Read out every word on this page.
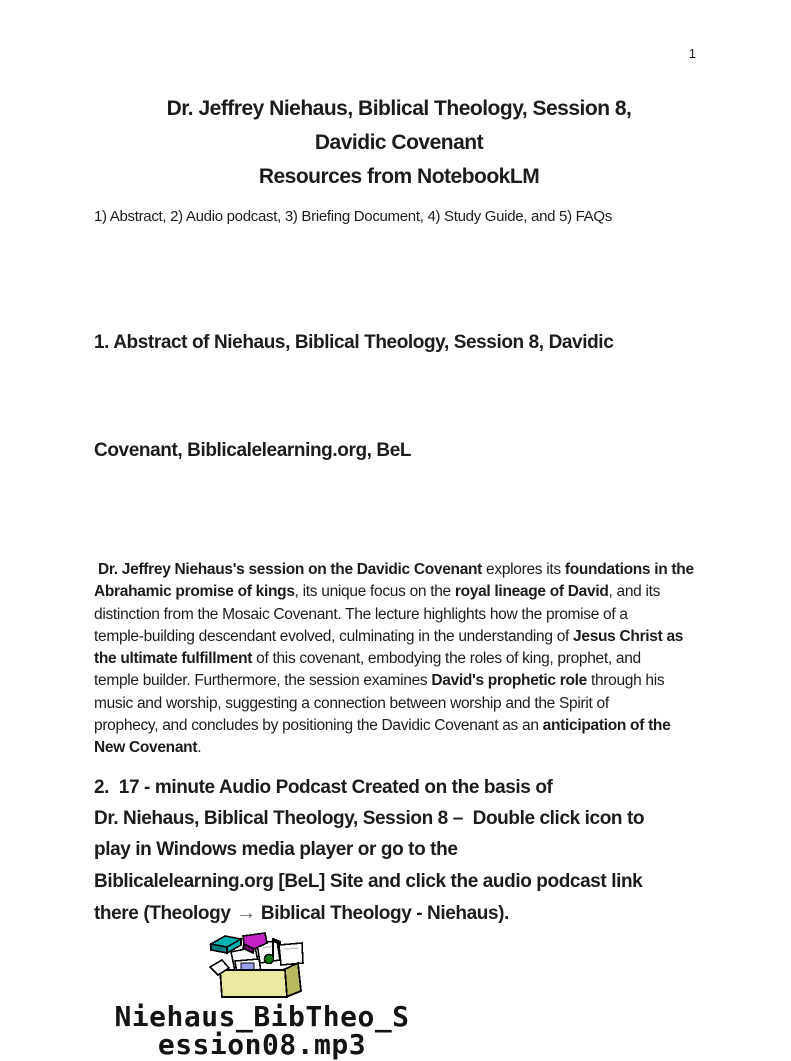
1
Dr. Jeffrey Niehaus, Biblical Theology, Session 8,
Davidic Covenant
Resources from NotebookLM
1) Abstract, 2) Audio podcast, 3) Briefing Document, 4) Study Guide, and 5) FAQs

1. Abstract of Niehaus, Biblical Theology, Session 8, Davidic

Covenant, Biblicalelearning.org, BeL

Dr. Jeffrey Niehaus's session on the Davidic Covenant explores its foundations in the
Abrahamic promise of kings, its unique focus on the royal lineage of David, and its
distinction from the Mosaic Covenant. The lecture highlights how the promise of a
temple-building descendant evolved, culminating in the understanding of Jesus Christ as
the ultimate fulfillment of this covenant, embodying the roles of king, prophet, and
temple builder. Furthermore, the session examines David's prophetic role through his
music and worship, suggesting a connection between worship and the Spirit of
prophecy, and concludes by positioning the Davidic Covenant as an anticipation of the
New Covenant.
2.  17 - minute Audio Podcast Created on the basis of
Dr. Niehaus, Biblical Theology, Session 8 –  Double click icon to
play in Windows media player or go to the
Biblicalelearning.org [BeL] Site and click the audio podcast link
there (Theology → Biblical Theology - Niehaus).
Niehaus_BibTheo_S
ession08.mp3
